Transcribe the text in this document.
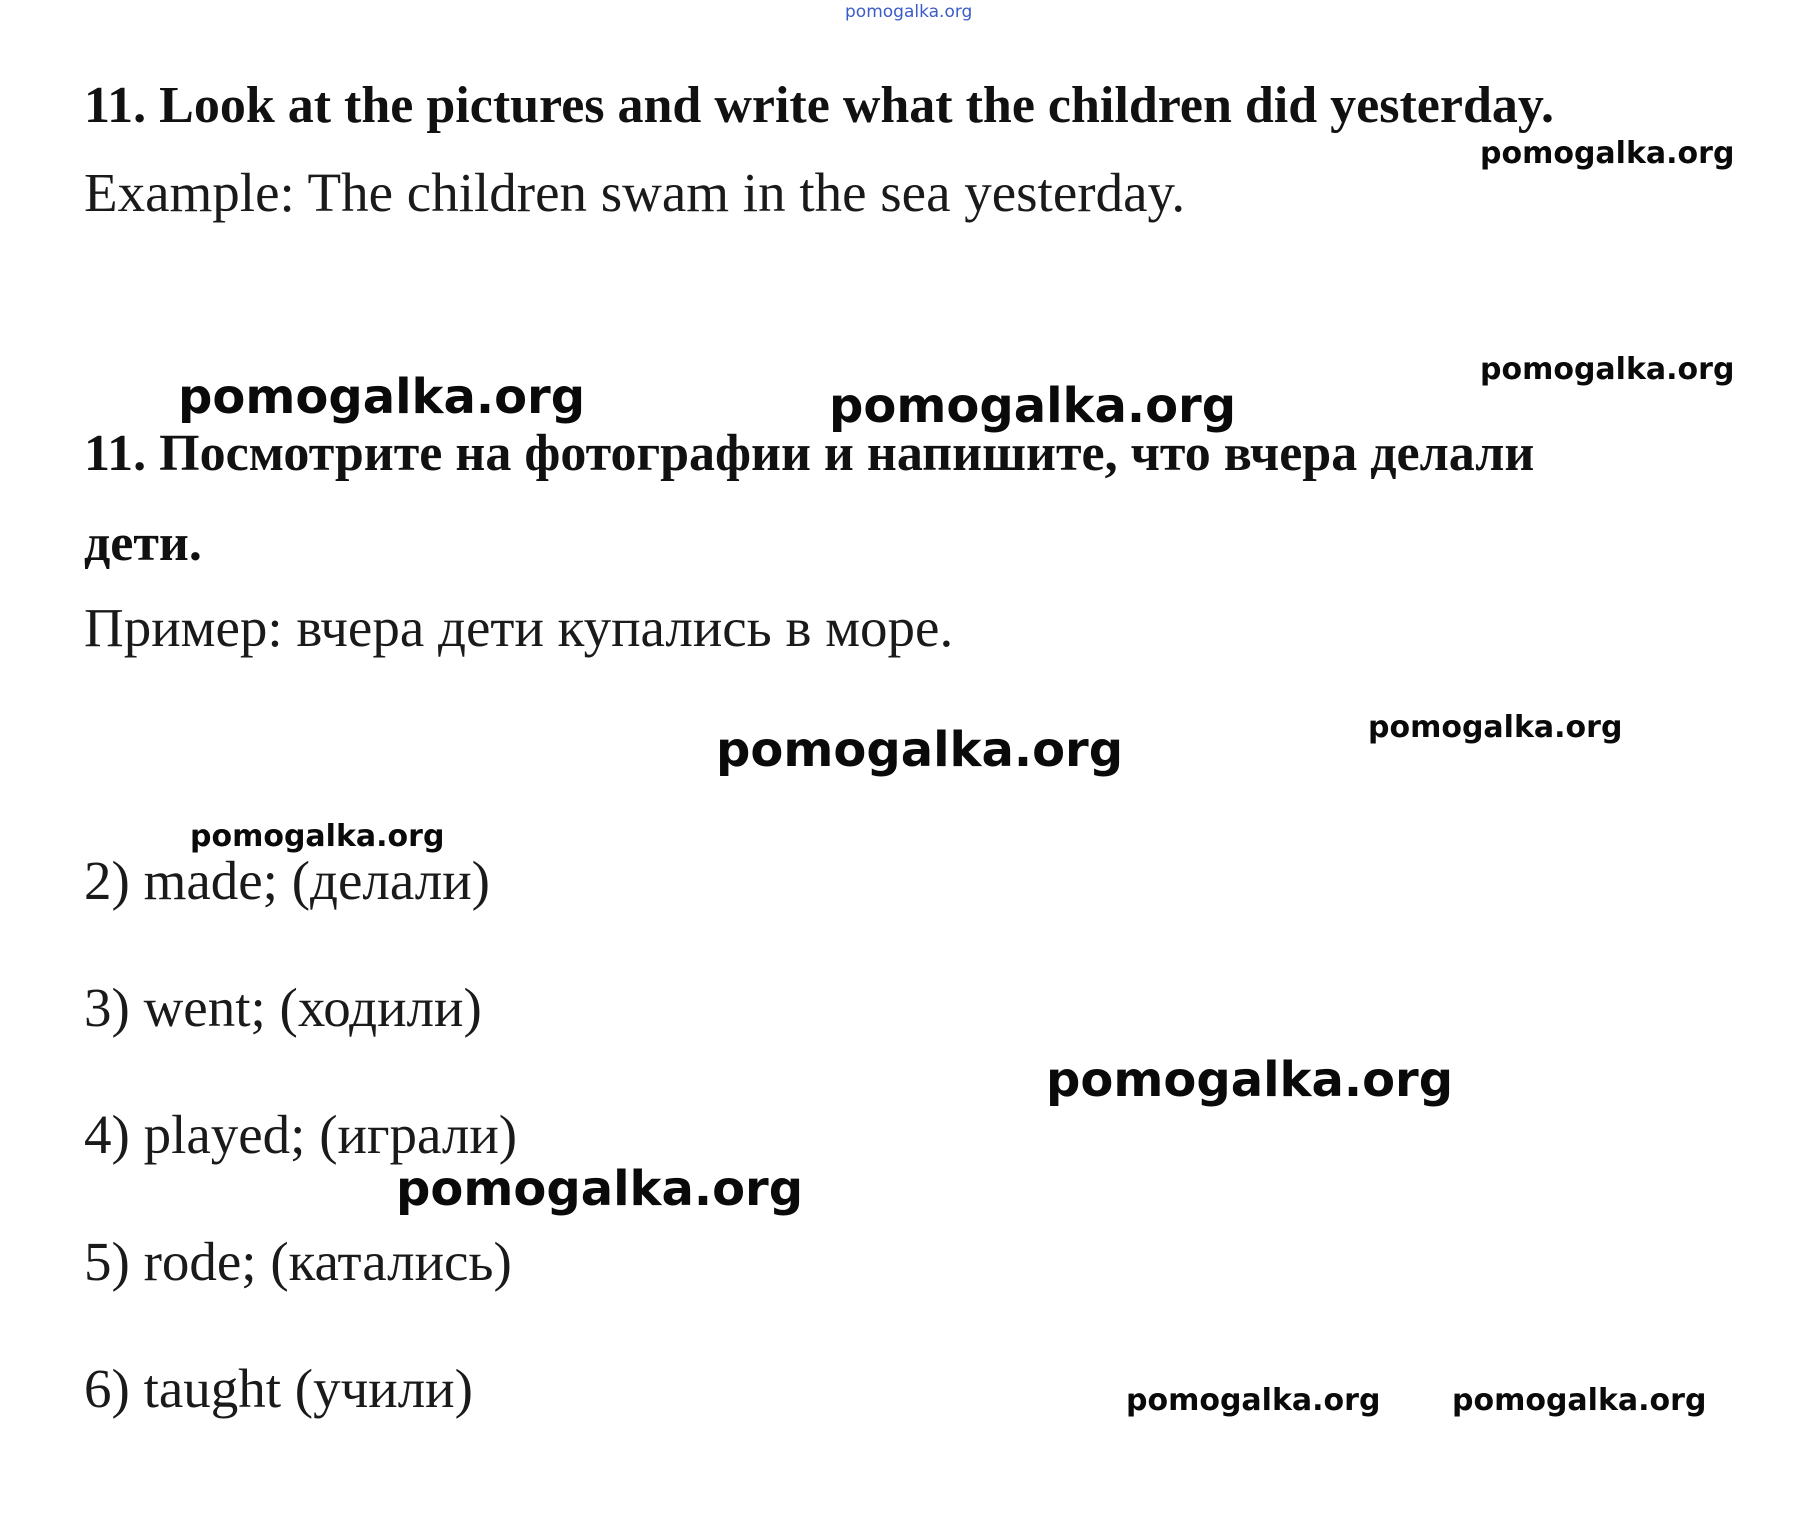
pomogalka.org
pomogalka.org
pomogalka.org
pomogalka.org	pomogalka.org
pomogalka.org
pomogalka.org
pomogalka.org
pomogalka.org
pomogalka.org
pomogalka.org pomogalka.org

11. Look at the pictures and write what the children did yesterday.

Example: The children swam in the sea yesterday.

11. Посмотрите на фотографии и напишите, что вчера делали

дети.

Пример: вчера дети купались в море.

2) made; (делали)

3) went; (ходили)

4) played; (играли)

5) rode; (катались)

6) taught (учили)
